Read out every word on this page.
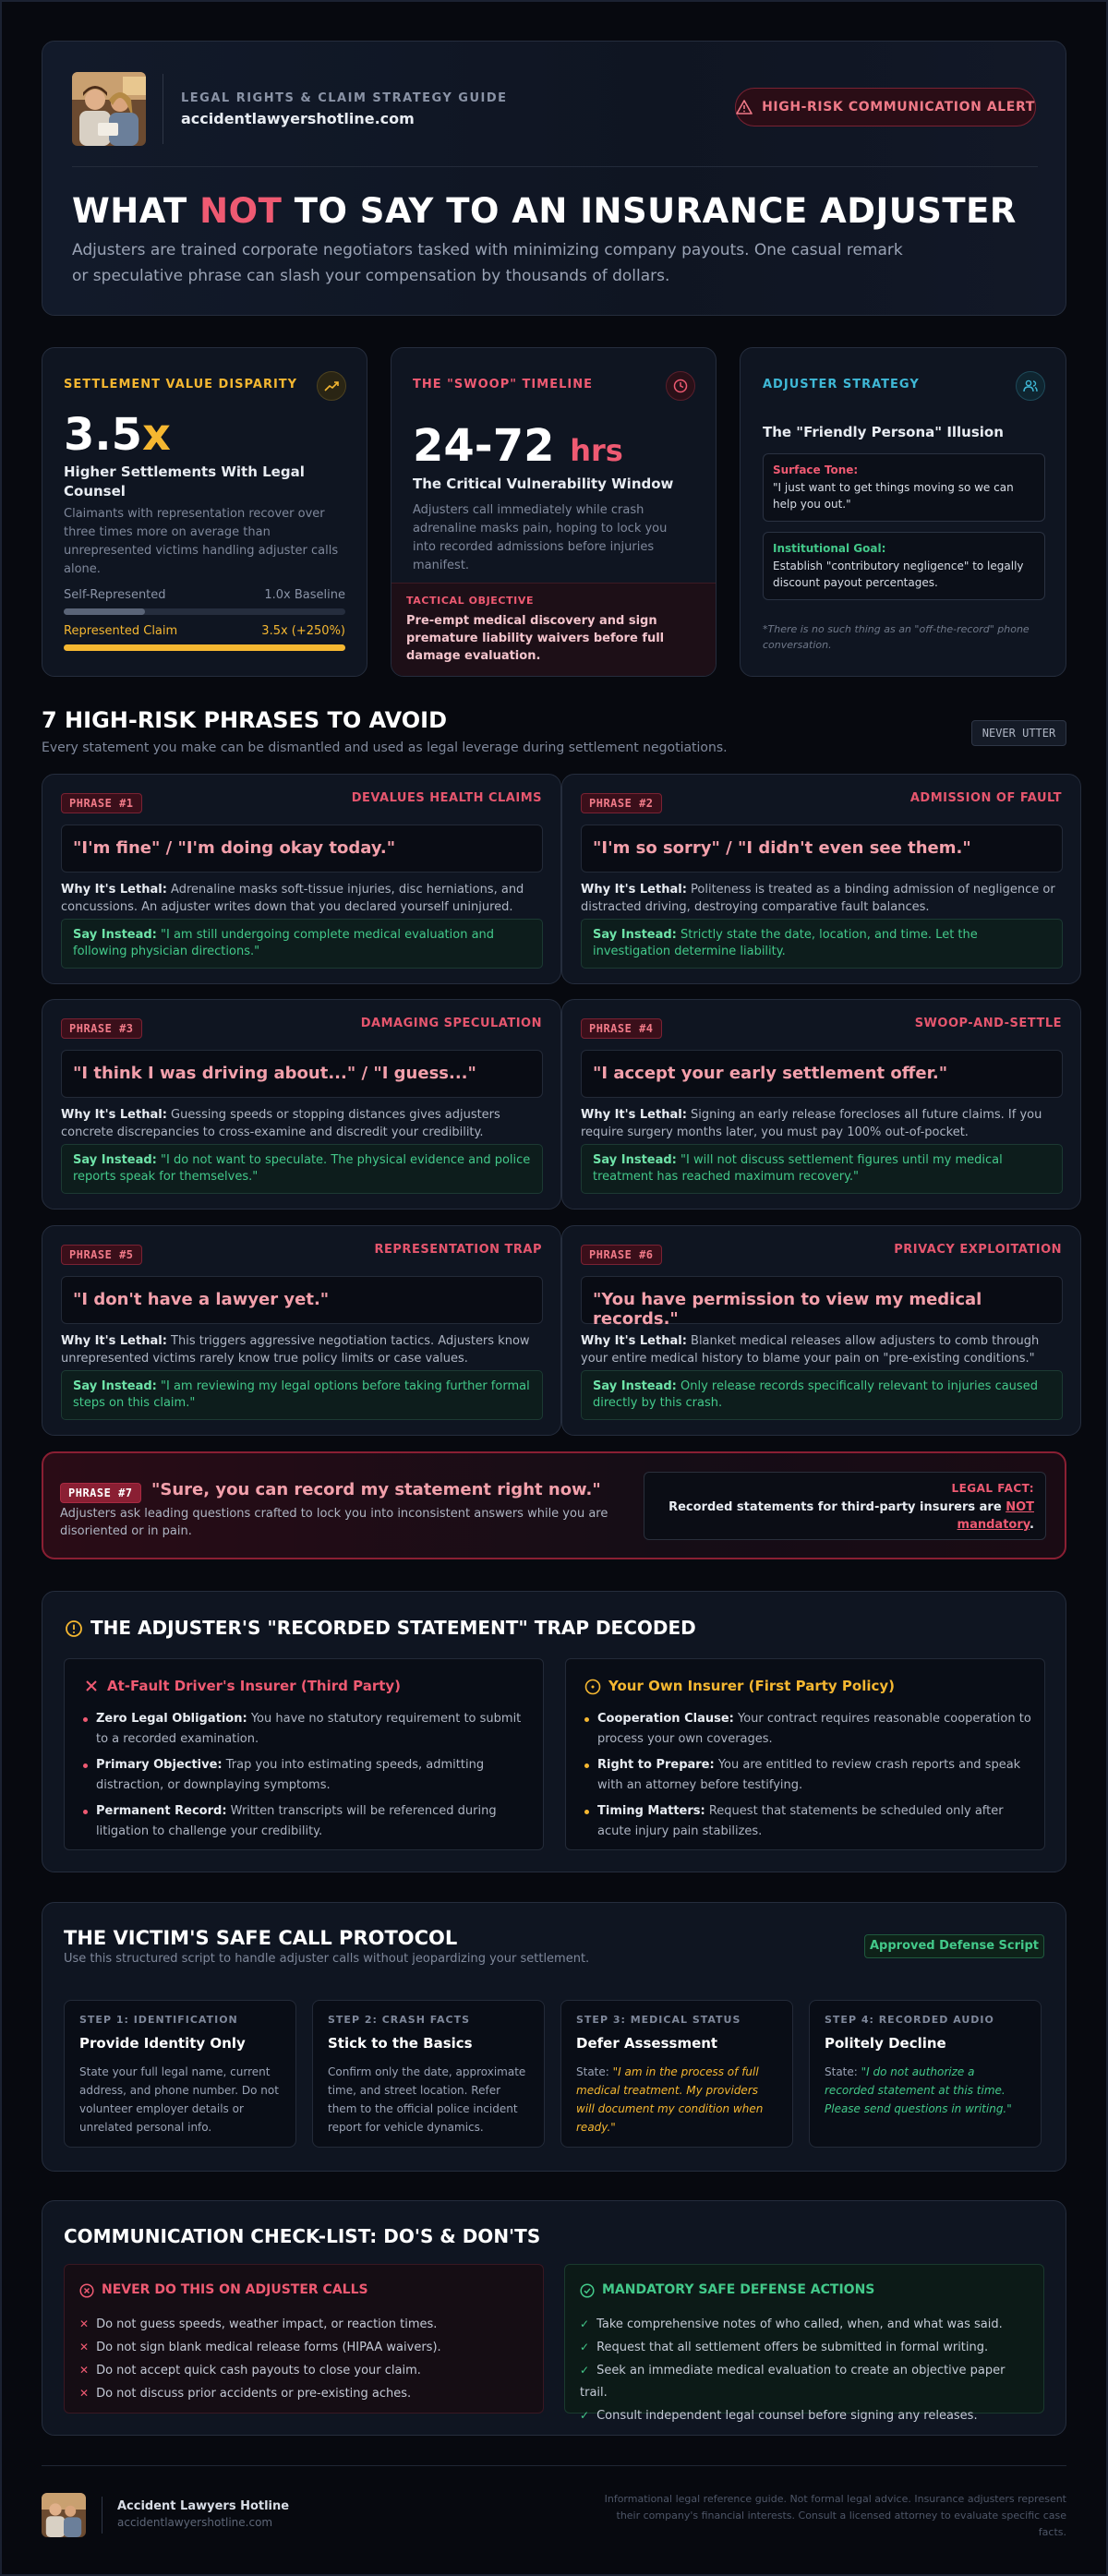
LEGAL RIGHTS & CLAIM STRATEGY GUIDE
accidentlawyershotline.com
HIGH-RISK COMMUNICATION ALERT
WHAT NOT TO SAY TO AN INSURANCE ADJUSTER
Adjusters are trained corporate negotiators tasked with minimizing company payouts. One casual remark or speculative phrase can slash your compensation by thousands of dollars.
SETTLEMENT VALUE DISPARITY
3.5x
Higher Settlements With Legal Counsel
Claimants with representation recover over three times more on average than unrepresented victims handling adjuster calls alone.
Self-Represented	1.0x Baseline
Represented Claim	3.5x (+250%)
THE "SWOOP" TIMELINE
24-72 hrs
The Critical Vulnerability Window
Adjusters call immediately while crash adrenaline masks pain, hoping to lock you into recorded admissions before injuries manifest.
TACTICAL OBJECTIVE
Pre-empt medical discovery and sign premature liability waivers before full damage evaluation.
ADJUSTER STRATEGY
The "Friendly Persona" Illusion
Surface Tone:
"I just want to get things moving so we can help you out."
Institutional Goal:
Establish "contributory negligence" to legally discount payout percentages.
*There is no such thing as an "off-the-record" phone conversation.
7 HIGH-RISK PHRASES TO AVOID
Every statement you make can be dismantled and used as legal leverage during settlement negotiations.
NEVER UTTER
PHRASE #1	DEVALUES HEALTH CLAIMS
"I'm fine" / "I'm doing okay today."
Why It's Lethal: Adrenaline masks soft-tissue injuries, disc herniations, and concussions. An adjuster writes down that you declared yourself uninjured.
Say Instead: "I am still undergoing complete medical evaluation and following physician directions."
PHRASE #2	ADMISSION OF FAULT
"I'm so sorry" / "I didn't even see them."
Why It's Lethal: Politeness is treated as a binding admission of negligence or distracted driving, destroying comparative fault balances.
Say Instead: Strictly state the date, location, and time. Let the investigation determine liability.
PHRASE #3	DAMAGING SPECULATION
"I think I was driving about..." / "I guess..."
Why It's Lethal: Guessing speeds or stopping distances gives adjusters concrete discrepancies to cross-examine and discredit your credibility.
Say Instead: "I do not want to speculate. The physical evidence and police reports speak for themselves."
PHRASE #4	SWOOP-AND-SETTLE
"I accept your early settlement offer."
Why It's Lethal: Signing an early release forecloses all future claims. If you require surgery months later, you must pay 100% out-of-pocket.
Say Instead: "I will not discuss settlement figures until my medical treatment has reached maximum recovery."
PHRASE #5	REPRESENTATION TRAP
"I don't have a lawyer yet."
Why It's Lethal: This triggers aggressive negotiation tactics. Adjusters know unrepresented victims rarely know true policy limits or case values.
Say Instead: "I am reviewing my legal options before taking further formal steps on this claim."
PHRASE #6	PRIVACY EXPLOITATION
"You have permission to view my medical records."
Why It's Lethal: Blanket medical releases allow adjusters to comb through your entire medical history to blame your pain on "pre-existing conditions."
Say Instead: Only release records specifically relevant to injuries caused directly by this crash.
PHRASE #7	"Sure, you can record my statement right now."
Adjusters ask leading questions crafted to lock you into inconsistent answers while you are disoriented or in pain.
LEGAL FACT:
Recorded statements for third-party insurers are NOT mandatory.
THE ADJUSTER'S "RECORDED STATEMENT" TRAP DECODED
At-Fault Driver's Insurer (Third Party)
Zero Legal Obligation: You have no statutory requirement to submit to a recorded examination.
Primary Objective: Trap you into estimating speeds, admitting distraction, or downplaying symptoms.
Permanent Record: Written transcripts will be referenced during litigation to challenge your credibility.
Your Own Insurer (First Party Policy)
Cooperation Clause: Your contract requires reasonable cooperation to process your own coverages.
Right to Prepare: You are entitled to review crash reports and speak with an attorney before testifying.
Timing Matters: Request that statements be scheduled only after acute injury pain stabilizes.
THE VICTIM'S SAFE CALL PROTOCOL
Use this structured script to handle adjuster calls without jeopardizing your settlement.
Approved Defense Script
STEP 1: IDENTIFICATION
Provide Identity Only
State your full legal name, current address, and phone number. Do not volunteer employer details or unrelated personal info.
STEP 2: CRASH FACTS
Stick to the Basics
Confirm only the date, approximate time, and street location. Refer them to the official police incident report for vehicle dynamics.
STEP 3: MEDICAL STATUS
Defer Assessment
State: "I am in the process of full medical treatment. My providers will document my condition when ready."
STEP 4: RECORDED AUDIO
Politely Decline
State: "I do not authorize a recorded statement at this time. Please send questions in writing."
COMMUNICATION CHECK-LIST: DO'S & DON'TS
NEVER DO THIS ON ADJUSTER CALLS
✕ Do not guess speeds, weather impact, or reaction times.
✕ Do not sign blank medical release forms (HIPAA waivers).
✕ Do not accept quick cash payouts to close your claim.
✕ Do not discuss prior accidents or pre-existing aches.
MANDATORY SAFE DEFENSE ACTIONS
✓ Take comprehensive notes of who called, when, and what was said.
✓ Request that all settlement offers be submitted in formal writing.
✓ Seek an immediate medical evaluation to create an objective paper trail.
✓ Consult independent legal counsel before signing any releases.
Accident Lawyers Hotline
accidentlawyershotline.com
Informational legal reference guide. Not formal legal advice. Insurance adjusters represent their company's financial interests. Consult a licensed attorney to evaluate specific case facts.
